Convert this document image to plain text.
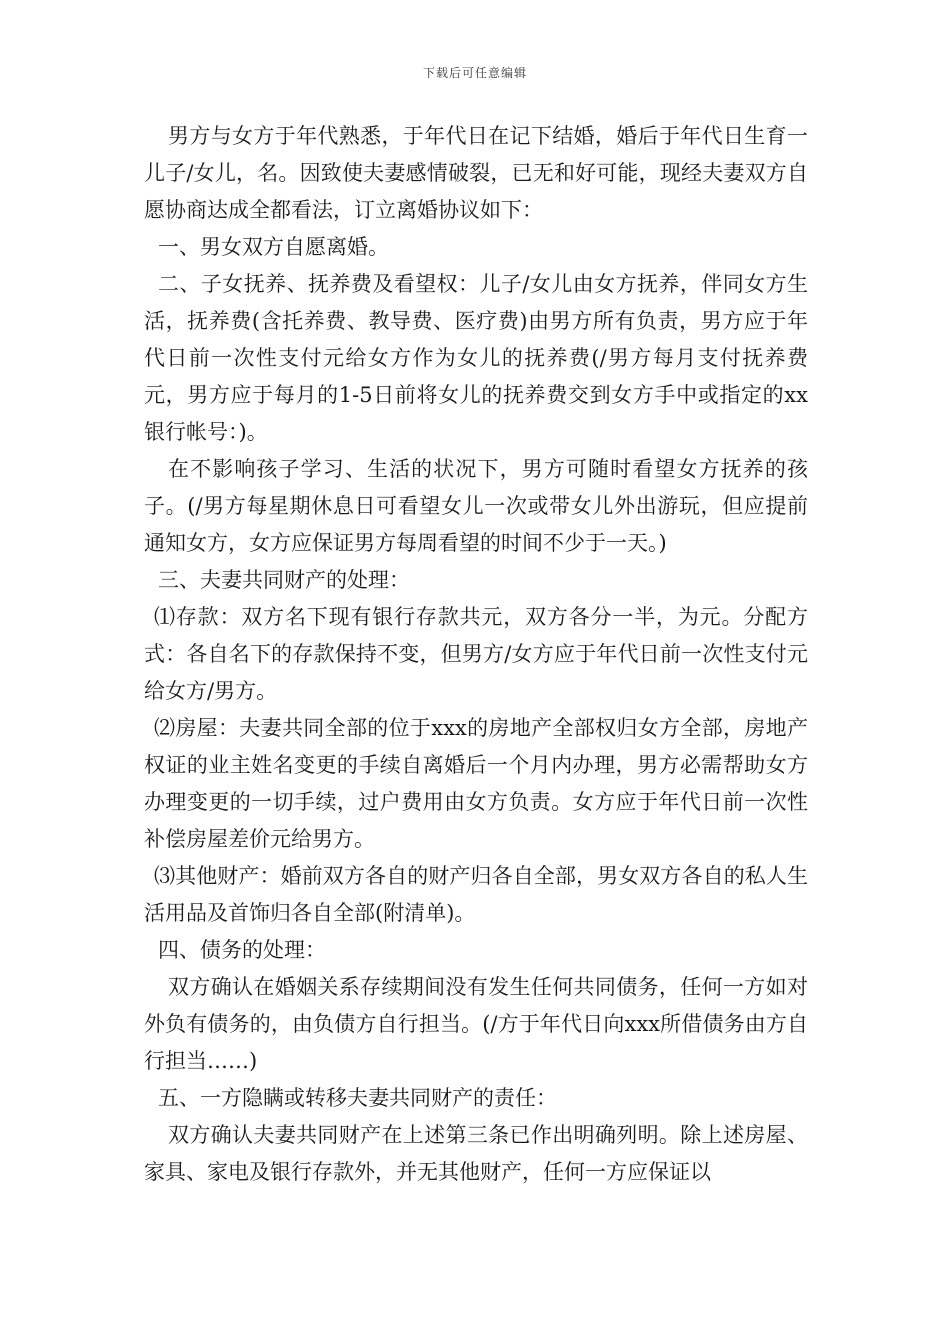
下载后可任意编辑

男方与女方于年代熟悉，于年代日在记下结婚，婚后于年代日生育一儿子/女儿，名。因致使夫妻感情破裂，已无和好可能，现经夫妻双方自愿协商达成全都看法，订立离婚协议如下：

一、男女双方自愿离婚。

二、子女抚养、抚养费及看望权：儿子/女儿由女方抚养，伴同女方生活，抚养费(含托养费、教导费、医疗费)由男方所有负责，男方应于年代日前一次性支付元给女方作为女儿的抚养费(/男方每月支付抚养费元，男方应于每月的1-5日前将女儿的抚养费交到女方手中或指定的xx银行帐号：)。

在不影响孩子学习、生活的状况下，男方可随时看望女方抚养的孩子。(/男方每星期休息日可看望女儿一次或带女儿外出游玩，但应提前通知女方，女方应保证男方每周看望的时间不少于一天。)

三、夫妻共同财产的处理：

⑴存款：双方名下现有银行存款共元，双方各分一半，为元。分配方式：各自名下的存款保持不变，但男方/女方应于年代日前一次性支付元给女方/男方。

⑵房屋：夫妻共同全部的位于xxx的房地产全部权归女方全部，房地产权证的业主姓名变更的手续自离婚后一个月内办理，男方必需帮助女方办理变更的一切手续，过户费用由女方负责。女方应于年代日前一次性补偿房屋差价元给男方。

⑶其他财产：婚前双方各自的财产归各自全部，男女双方各自的私人生活用品及首饰归各自全部(附清单)。

四、债务的处理：

双方确认在婚姻关系存续期间没有发生任何共同债务，任何一方如对外负有债务的，由负债方自行担当。(/方于年代日向xxx所借债务由方自行担当……)

五、一方隐瞒或转移夫妻共同财产的责任：

双方确认夫妻共同财产在上述第三条已作出明确列明。除上述房屋、家具、家电及银行存款外，并无其他财产，任何一方应保证以
